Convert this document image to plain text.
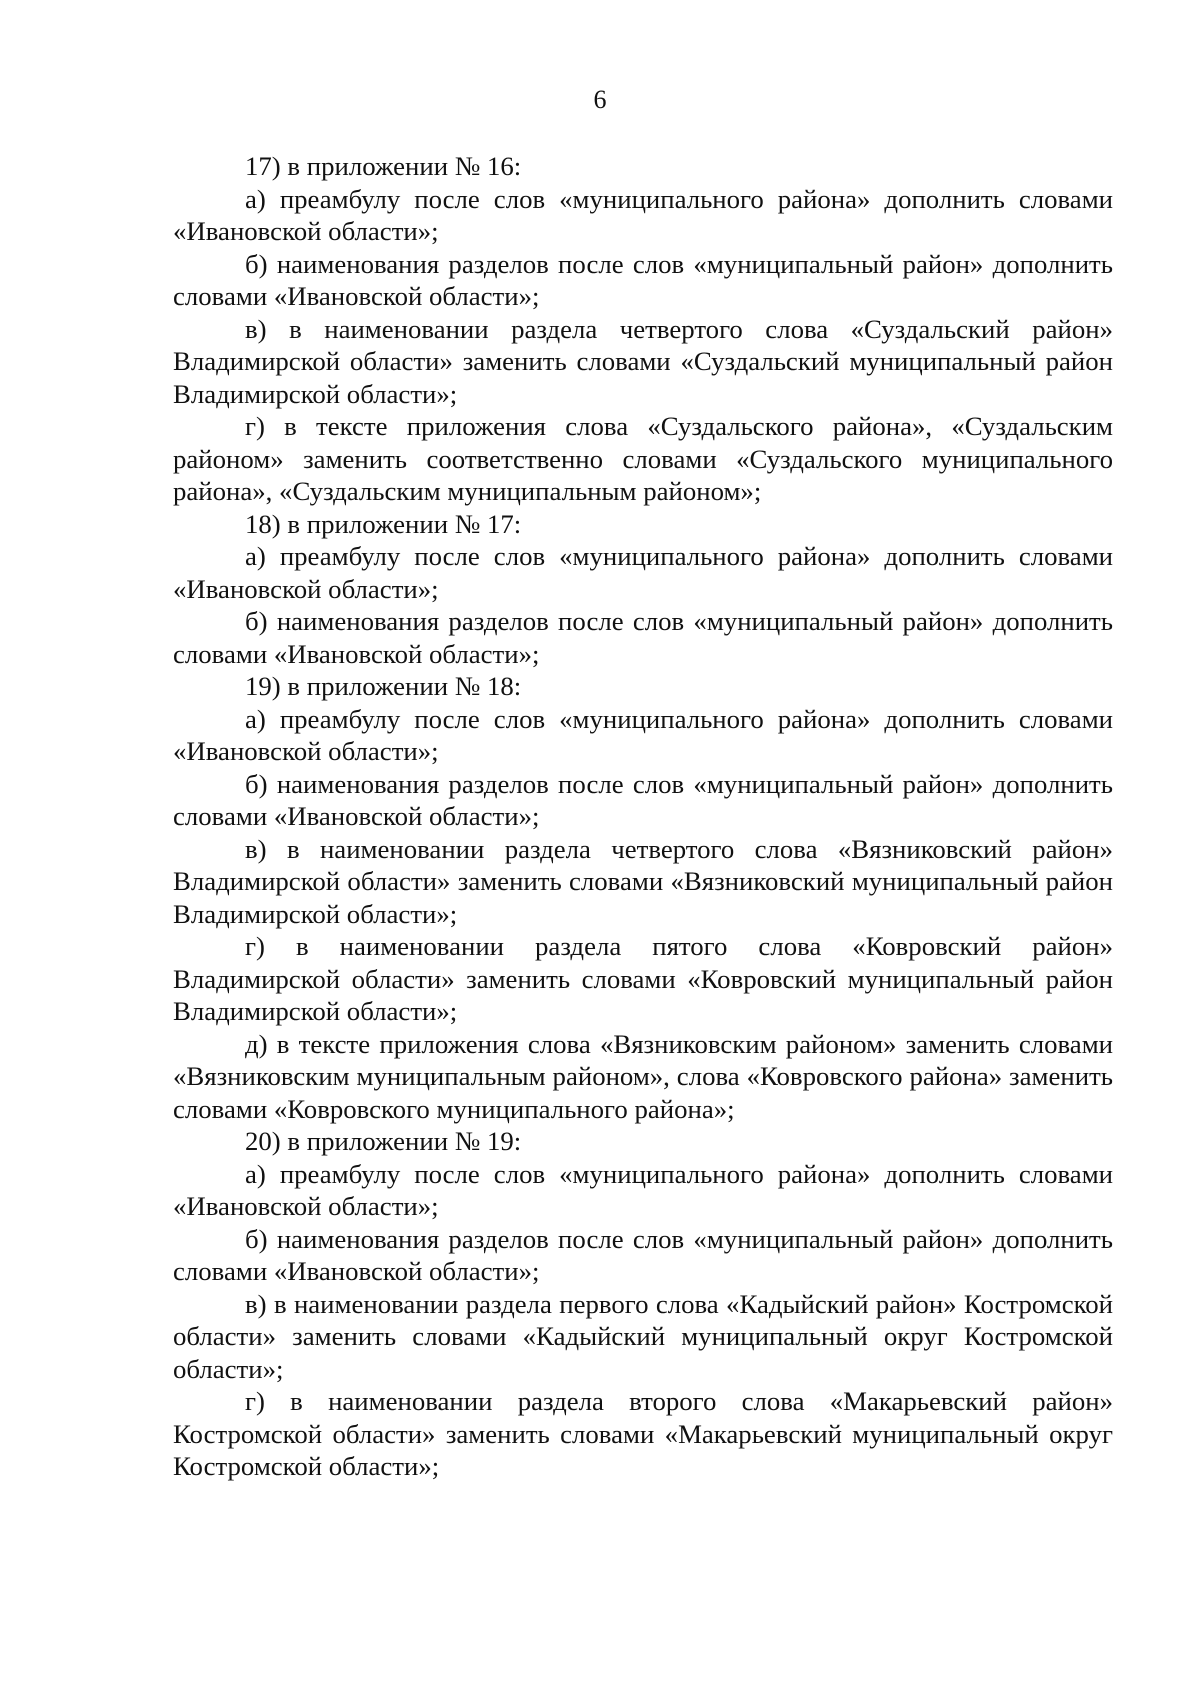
6

17) в приложении № 16:

а) преамбулу после слов «муниципального района» дополнить словами «Ивановской области»;

б) наименования разделов после слов «муниципальный район» дополнить словами «Ивановской области»;

в) в наименовании раздела четвертого слова «Суздальский район» Владимирской области» заменить словами «Суздальский муниципальный район Владимирской области»;

г) в тексте приложения слова «Суздальского района», «Суздальским районом» заменить соответственно словами «Суздальского муниципального района», «Суздальским муниципальным районом»;

18) в приложении № 17:

а) преамбулу после слов «муниципального района» дополнить словами «Ивановской области»;

б) наименования разделов после слов «муниципальный район» дополнить словами «Ивановской области»;

19) в приложении № 18:

а) преамбулу после слов «муниципального района» дополнить словами «Ивановской области»;

б) наименования разделов после слов «муниципальный район» дополнить словами «Ивановской области»;

в) в наименовании раздела четвертого слова «Вязниковский район» Владимирской области» заменить словами «Вязниковский муниципальный район Владимирской области»;

г) в наименовании раздела пятого слова «Ковровский район» Владимирской области» заменить словами «Ковровский муниципальный район Владимирской области»;

д) в тексте приложения слова «Вязниковским районом» заменить словами «Вязниковским муниципальным районом», слова «Ковровского района» заменить словами «Ковровского муниципального района»;

20) в приложении № 19:

а) преамбулу после слов «муниципального района» дополнить словами «Ивановской области»;

б) наименования разделов после слов «муниципальный район» дополнить словами «Ивановской области»;

в) в наименовании раздела первого слова «Кадыйский район» Костромской области» заменить словами «Кадыйский муниципальный округ Костромской области»;

г) в наименовании раздела второго слова «Макарьевский район» Костромской области» заменить словами «Макарьевский муниципальный округ Костромской области»;
